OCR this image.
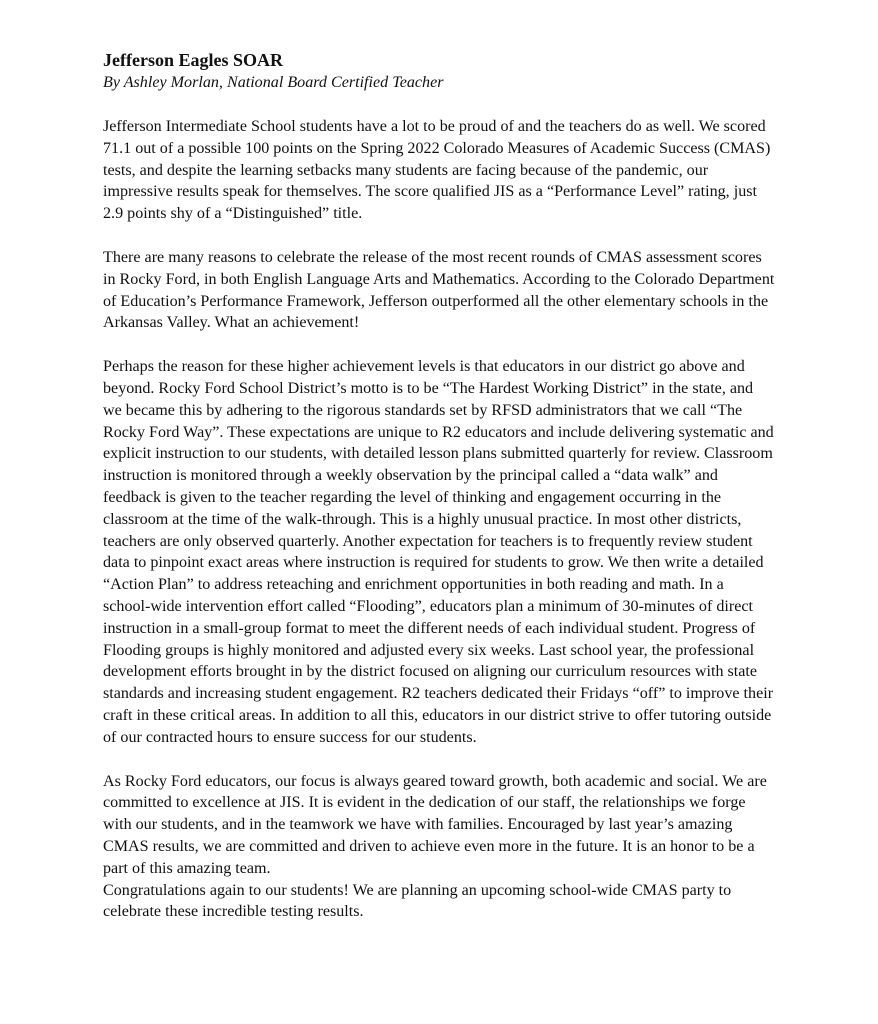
Jefferson Eagles SOAR

By Ashley Morlan, National Board Certified Teacher

Jefferson Intermediate School students have a lot to be proud of and the teachers do as well. We scored 71.1 out of a possible 100 points on the Spring 2022 Colorado Measures of Academic Success (CMAS) tests, and despite the learning setbacks many students are facing because of the pandemic, our impressive results speak for themselves. The score qualified JIS as a “Performance Level” rating, just 2.9 points shy of a “Distinguished” title.

There are many reasons to celebrate the release of the most recent rounds of CMAS assessment scores in Rocky Ford, in both English Language Arts and Mathematics. According to the Colorado Department of Education’s Performance Framework, Jefferson outperformed all the other elementary schools in the Arkansas Valley. What an achievement!

Perhaps the reason for these higher achievement levels is that educators in our district go above and beyond. Rocky Ford School District’s motto is to be “The Hardest Working District” in the state, and we became this by adhering to the rigorous standards set by RFSD administrators that we call “The Rocky Ford Way”. These expectations are unique to R2 educators and include delivering systematic and explicit instruction to our students, with detailed lesson plans submitted quarterly for review. Classroom instruction is monitored through a weekly observation by the principal called a “data walk” and feedback is given to the teacher regarding the level of thinking and engagement occurring in the classroom at the time of the walk-through. This is a highly unusual practice. In most other districts, teachers are only observed quarterly. Another expectation for teachers is to frequently review student data to pinpoint exact areas where instruction is required for students to grow. We then write a detailed “Action Plan” to address reteaching and enrichment opportunities in both reading and math. In a school-wide intervention effort called “Flooding”, educators plan a minimum of 30-minutes of direct instruction in a small-group format to meet the different needs of each individual student. Progress of Flooding groups is highly monitored and adjusted every six weeks. Last school year, the professional development efforts brought in by the district focused on aligning our curriculum resources with state standards and increasing student engagement. R2 teachers dedicated their Fridays “off” to improve their craft in these critical areas. In addition to all this, educators in our district strive to offer tutoring outside of our contracted hours to ensure success for our students.

As Rocky Ford educators, our focus is always geared toward growth, both academic and social. We are committed to excellence at JIS. It is evident in the dedication of our staff, the relationships we forge with our students, and in the teamwork we have with families. Encouraged by last year’s amazing CMAS results, we are committed and driven to achieve even more in the future. It is an honor to be a part of this amazing team.

Congratulations again to our students! We are planning an upcoming school-wide CMAS party to celebrate these incredible testing results.
